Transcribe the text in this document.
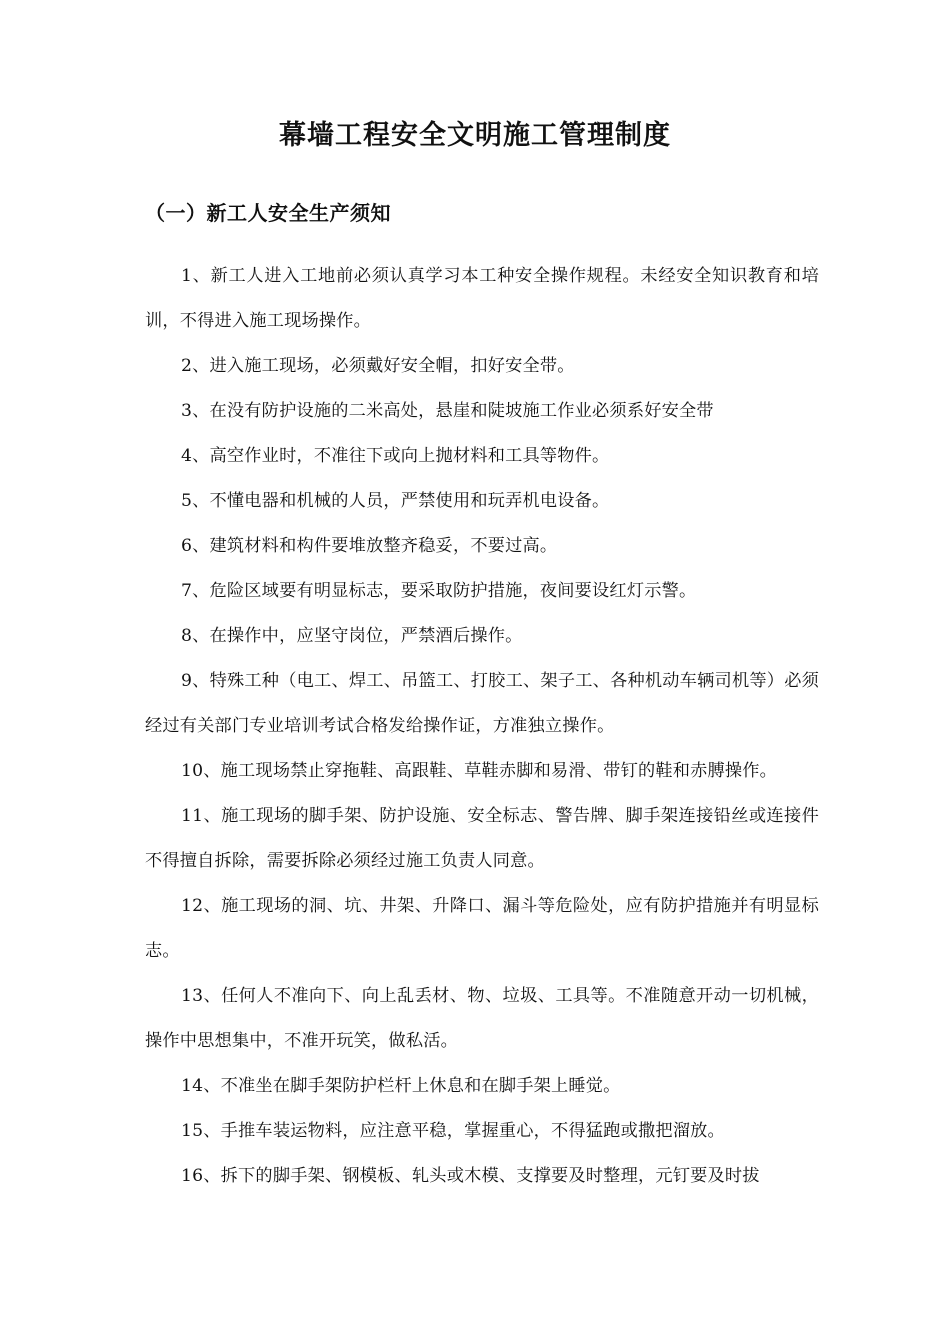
幕墙工程安全文明施工管理制度
（一）新工人安全生产须知

1、新工人进入工地前必须认真学习本工种安全操作规程。未经安全知识教育和培训，不得进入施工现场操作。

2、进入施工现场，必须戴好安全帽，扣好安全带。

3、在没有防护设施的二米高处，悬崖和陡坡施工作业必须系好安全带

4、高空作业时，不准往下或向上抛材料和工具等物件。

5、不懂电器和机械的人员，严禁使用和玩弄机电设备。

6、建筑材料和构件要堆放整齐稳妥，不要过高。

7、危险区域要有明显标志，要采取防护措施，夜间要设红灯示警。

8、在操作中，应坚守岗位，严禁酒后操作。

9、特殊工种（电工、焊工、吊篮工、打胶工、架子工、各种机动车辆司机等）必须经过有关部门专业培训考试合格发给操作证，方准独立操作。

10、施工现场禁止穿拖鞋、高跟鞋、草鞋赤脚和易滑、带钉的鞋和赤膊操作。

11、施工现场的脚手架、防护设施、安全标志、警告牌、脚手架连接铅丝或连接件不得擅自拆除，需要拆除必须经过施工负责人同意。

12、施工现场的洞、坑、井架、升降口、漏斗等危险处，应有防护措施并有明显标志。

13、任何人不准向下、向上乱丢材、物、垃圾、工具等。不准随意开动一切机械，操作中思想集中，不准开玩笑，做私活。

14、不准坐在脚手架防护栏杆上休息和在脚手架上睡觉。

15、手推车装运物料，应注意平稳，掌握重心，不得猛跑或撒把溜放。

16、拆下的脚手架、钢模板、轧头或木模、支撑要及时整理，元钉要及时拔
